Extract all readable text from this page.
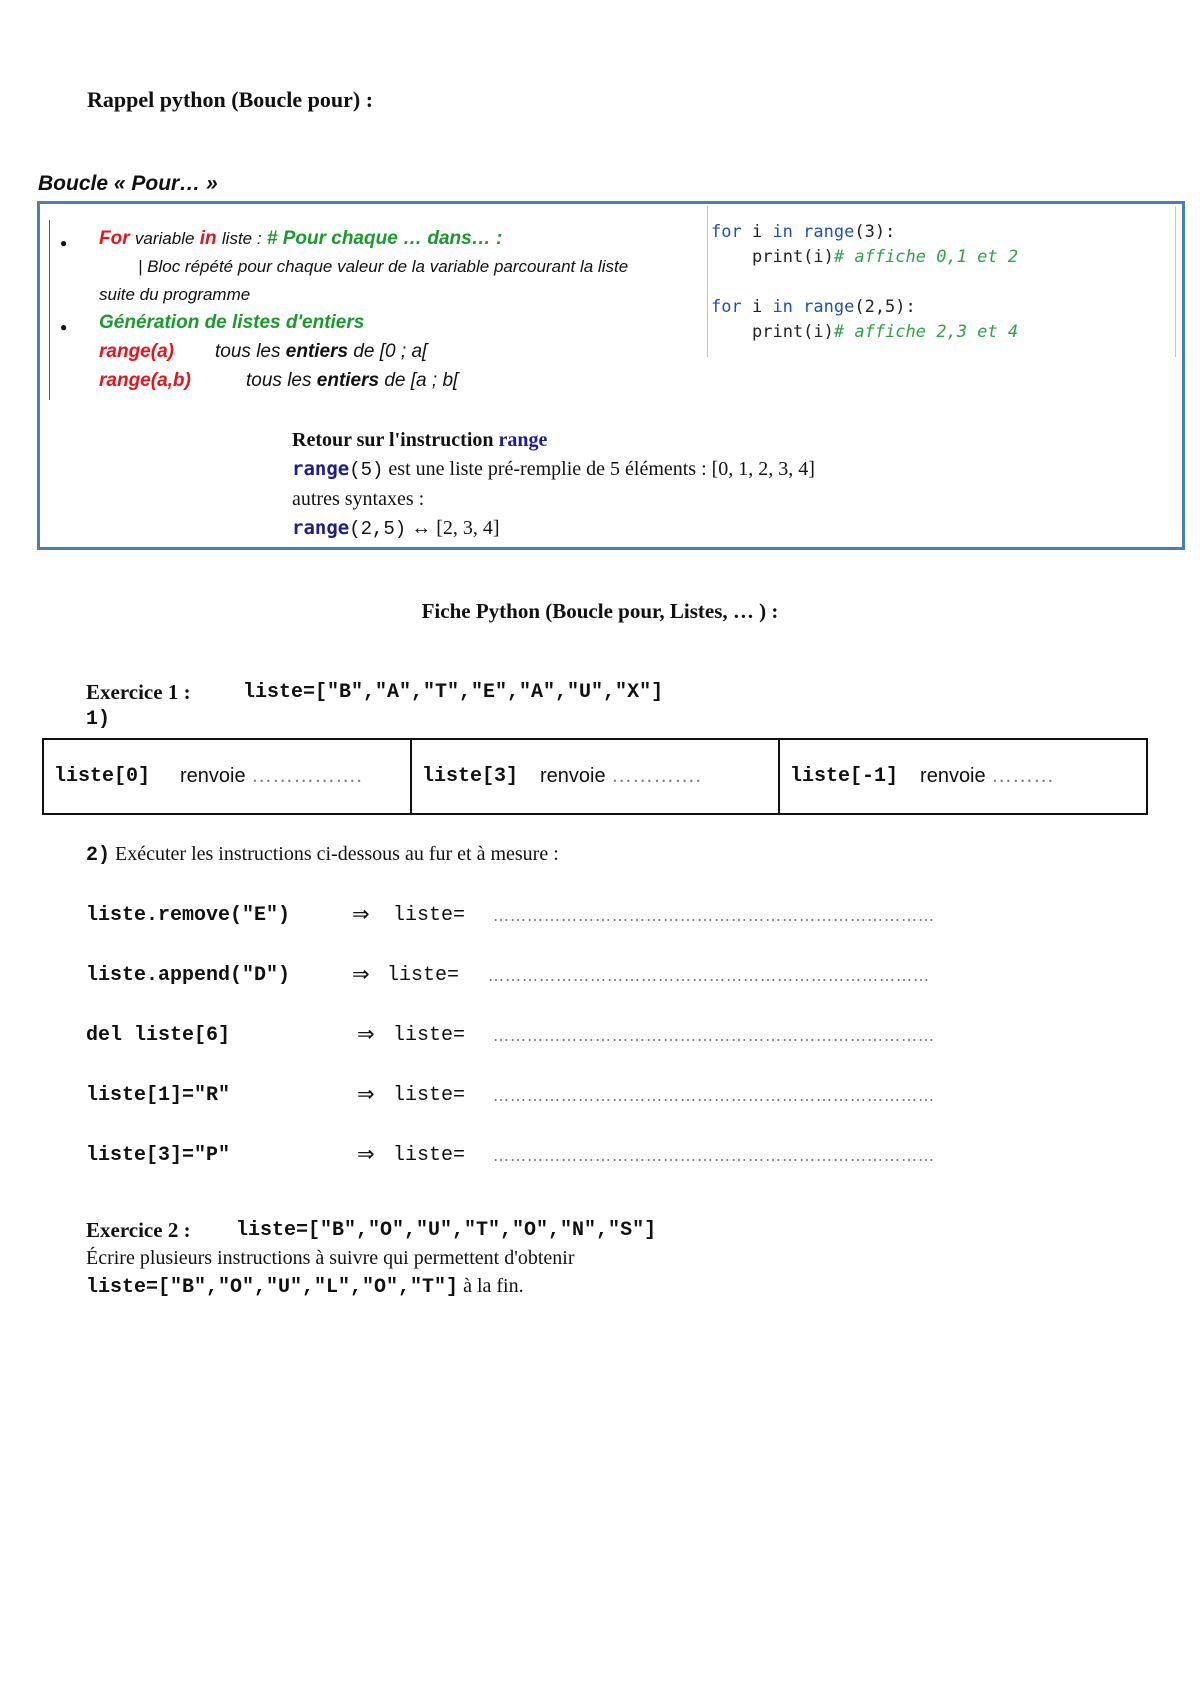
Rappel python (Boucle pour) :
Boucle « Pour… »
● For variable in liste : # Pour chaque … dans… :
| Bloc répété pour chaque valeur de la variable parcourant la liste
suite du programme
● Génération de listes d'entiers
range(a) tous les entiers de [0 ; a[
range(a,b)	tous les entiers de [a ; b[
for i in range(3):
print(i)# affiche 0,1 et 2
for i in range(2,5):
print(i)# affiche 2,3 et 4
Retour sur l'instruction range
range(5) est une liste pré-remplie de 5 éléments : [0, 1, 2, 3, 4]
autres syntaxes :
range(2,5) ↔ [2, 3, 4]
Fiche Python (Boucle pour, Listes, … ) :
Exercice 1 :	liste=["B","A","T","E","A","U","X"]
1)
liste[0] renvoie …………….	liste[3] renvoie ………….	liste[-1] renvoie ………
2) Exécuter les instructions ci-dessous au fur et à mesure :
liste.remove("E")	⇒ liste= ……………………………………………………………………
liste.append("D")	⇒ liste= ……………………………………………………………………
del liste[6]	⇒ liste= ……………………………………………………………………
liste[1]="R"	⇒ liste= ……………………………………………………………………
liste[3]="P"	⇒ liste= ……………………………………………………………………
Exercice 2 : liste=["B","O","U","T","O","N","S"]
Écrire plusieurs instructions à suivre qui permettent d'obtenir
liste=["B","O","U","L","O","T"] à la fin.
